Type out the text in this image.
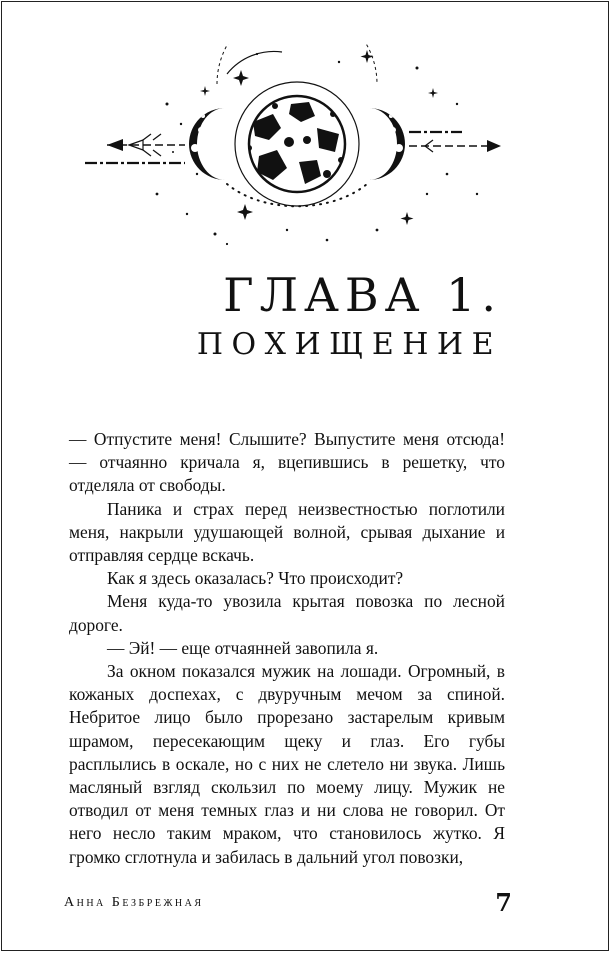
ГЛАВА 1.
ПОХИЩЕНИЕ

— Отпустите меня! Слышите? Выпустите меня отсюда! — отчаянно кричала я, вцепившись в решетку, что отделяла от свободы.

Паника и страх перед неизвестностью поглотили меня, накрыли удушающей волной, срывая дыхание и отправляя сердце вскачь.

Как я здесь оказалась? Что происходит?

Меня куда-то увозила крытая повозка по лесной дороге.

— Эй! — еще отчаянней завопила я.

За окном показался мужик на лошади. Огромный, в кожаных доспехах, с двуручным мечом за спиной. Небритое лицо было прорезано застарелым кривым шрамом, пересекающим щеку и глаз. Его губы расплылись в оскале, но с них не слетело ни звука. Лишь масляный взгляд скользил по моему лицу. Мужик не отводил от меня темных глаз и ни слова не говорил. От него несло таким мраком, что становилось жутко. Я громко сглотнула и забилась в дальний угол повозки,

Анна Безбрежная	7
